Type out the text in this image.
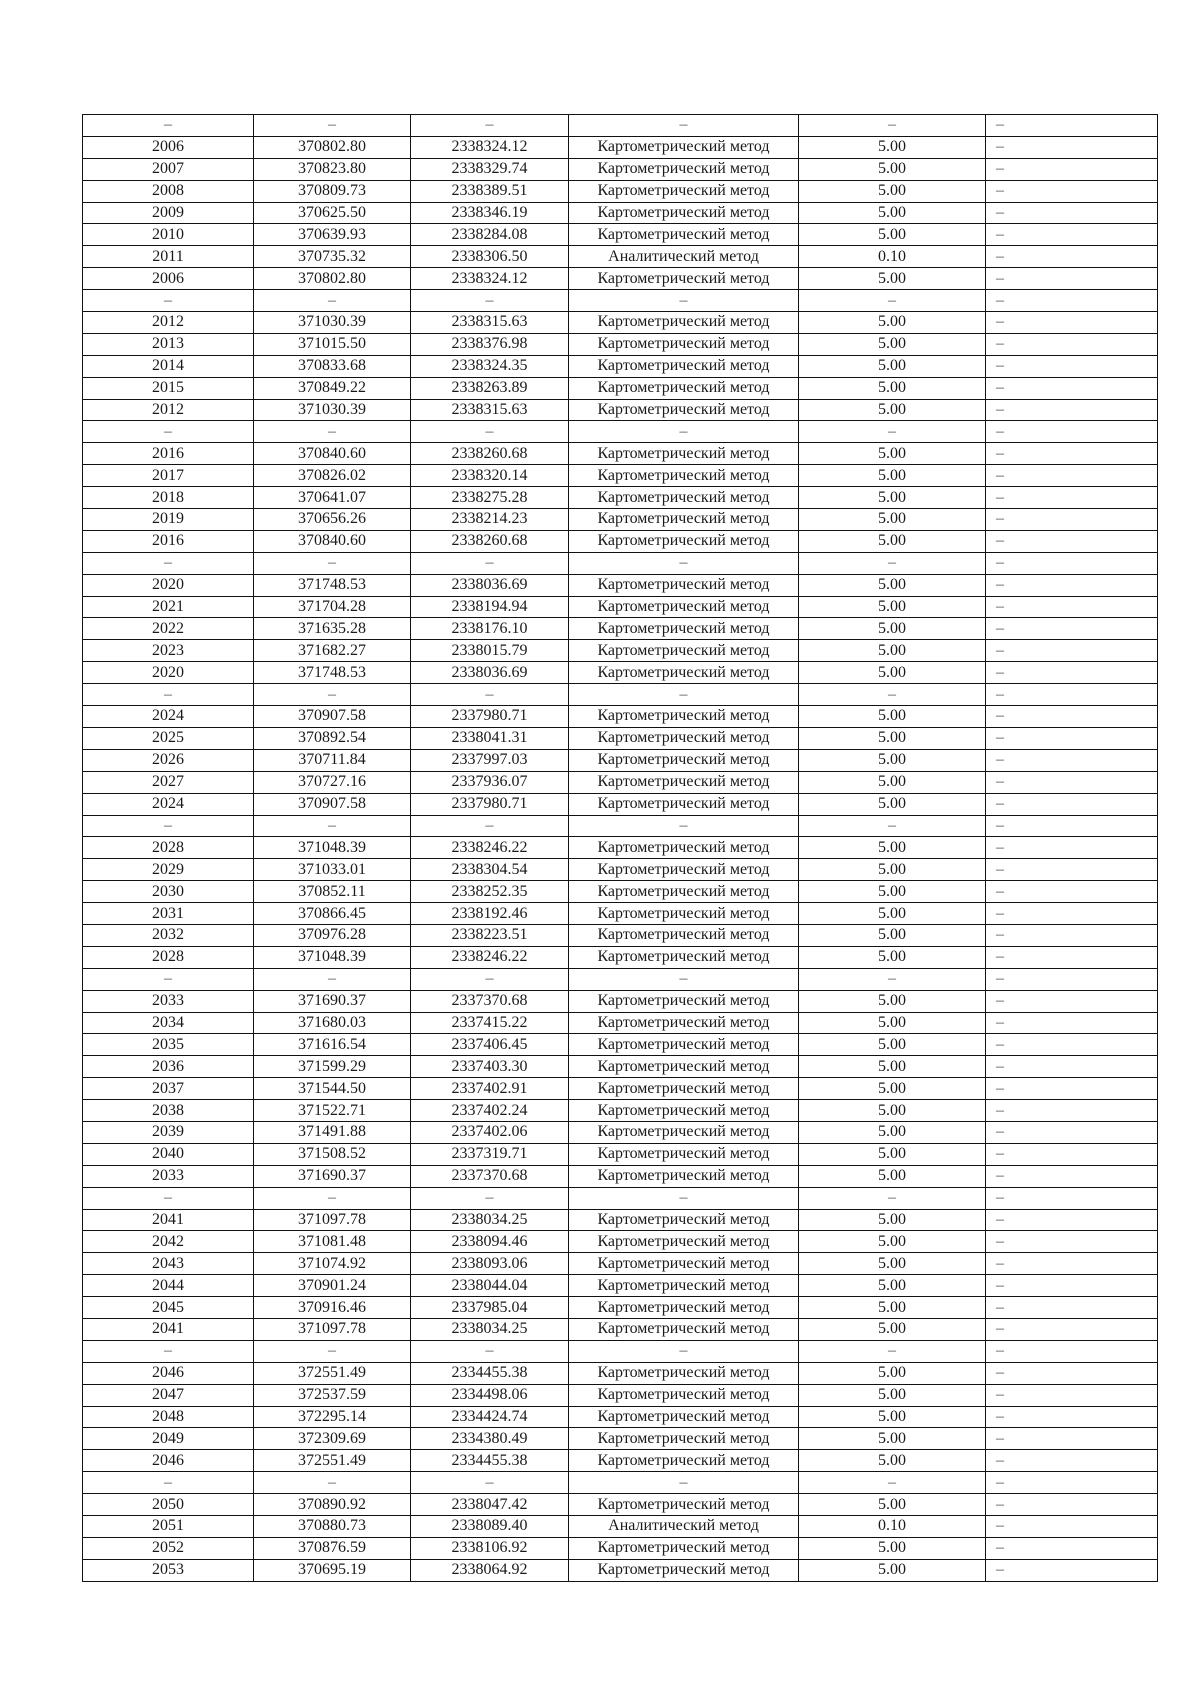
–	–	–	–	–	–
2006	370802.80	2338324.12	Картометрический метод	5.00	–
2007	370823.80	2338329.74	Картометрический метод	5.00	–
2008	370809.73	2338389.51	Картометрический метод	5.00	–
2009	370625.50	2338346.19	Картометрический метод	5.00	–
2010	370639.93	2338284.08	Картометрический метод	5.00	–
2011	370735.32	2338306.50	Аналитический метод	0.10	–
2006	370802.80	2338324.12	Картометрический метод	5.00	–
–	–	–	–	–	–
2012	371030.39	2338315.63	Картометрический метод	5.00	–
2013	371015.50	2338376.98	Картометрический метод	5.00	–
2014	370833.68	2338324.35	Картометрический метод	5.00	–
2015	370849.22	2338263.89	Картометрический метод	5.00	–
2012	371030.39	2338315.63	Картометрический метод	5.00	–
–	–	–	–	–	–
2016	370840.60	2338260.68	Картометрический метод	5.00	–
2017	370826.02	2338320.14	Картометрический метод	5.00	–
2018	370641.07	2338275.28	Картометрический метод	5.00	–
2019	370656.26	2338214.23	Картометрический метод	5.00	–
2016	370840.60	2338260.68	Картометрический метод	5.00	–
–	–	–	–	–	–
2020	371748.53	2338036.69	Картометрический метод	5.00	–
2021	371704.28	2338194.94	Картометрический метод	5.00	–
2022	371635.28	2338176.10	Картометрический метод	5.00	–
2023	371682.27	2338015.79	Картометрический метод	5.00	–
2020	371748.53	2338036.69	Картометрический метод	5.00	–
–	–	–	–	–	–
2024	370907.58	2337980.71	Картометрический метод	5.00	–
2025	370892.54	2338041.31	Картометрический метод	5.00	–
2026	370711.84	2337997.03	Картометрический метод	5.00	–
2027	370727.16	2337936.07	Картометрический метод	5.00	–
2024	370907.58	2337980.71	Картометрический метод	5.00	–
–	–	–	–	–	–
2028	371048.39	2338246.22	Картометрический метод	5.00	–
2029	371033.01	2338304.54	Картометрический метод	5.00	–
2030	370852.11	2338252.35	Картометрический метод	5.00	–
2031	370866.45	2338192.46	Картометрический метод	5.00	–
2032	370976.28	2338223.51	Картометрический метод	5.00	–
2028	371048.39	2338246.22	Картометрический метод	5.00	–
–	–	–	–	–	–
2033	371690.37	2337370.68	Картометрический метод	5.00	–
2034	371680.03	2337415.22	Картометрический метод	5.00	–
2035	371616.54	2337406.45	Картометрический метод	5.00	–
2036	371599.29	2337403.30	Картометрический метод	5.00	–
2037	371544.50	2337402.91	Картометрический метод	5.00	–
2038	371522.71	2337402.24	Картометрический метод	5.00	–
2039	371491.88	2337402.06	Картометрический метод	5.00	–
2040	371508.52	2337319.71	Картометрический метод	5.00	–
2033	371690.37	2337370.68	Картометрический метод	5.00	–
–	–	–	–	–	–
2041	371097.78	2338034.25	Картометрический метод	5.00	–
2042	371081.48	2338094.46	Картометрический метод	5.00	–
2043	371074.92	2338093.06	Картометрический метод	5.00	–
2044	370901.24	2338044.04	Картометрический метод	5.00	–
2045	370916.46	2337985.04	Картометрический метод	5.00	–
2041	371097.78	2338034.25	Картометрический метод	5.00	–
–	–	–	–	–	–
2046	372551.49	2334455.38	Картометрический метод	5.00	–
2047	372537.59	2334498.06	Картометрический метод	5.00	–
2048	372295.14	2334424.74	Картометрический метод	5.00	–
2049	372309.69	2334380.49	Картометрический метод	5.00	–
2046	372551.49	2334455.38	Картометрический метод	5.00	–
–	–	–	–	–	–
2050	370890.92	2338047.42	Картометрический метод	5.00	–
2051	370880.73	2338089.40	Аналитический метод	0.10	–
2052	370876.59	2338106.92	Картометрический метод	5.00	–
2053	370695.19	2338064.92	Картометрический метод	5.00	–
